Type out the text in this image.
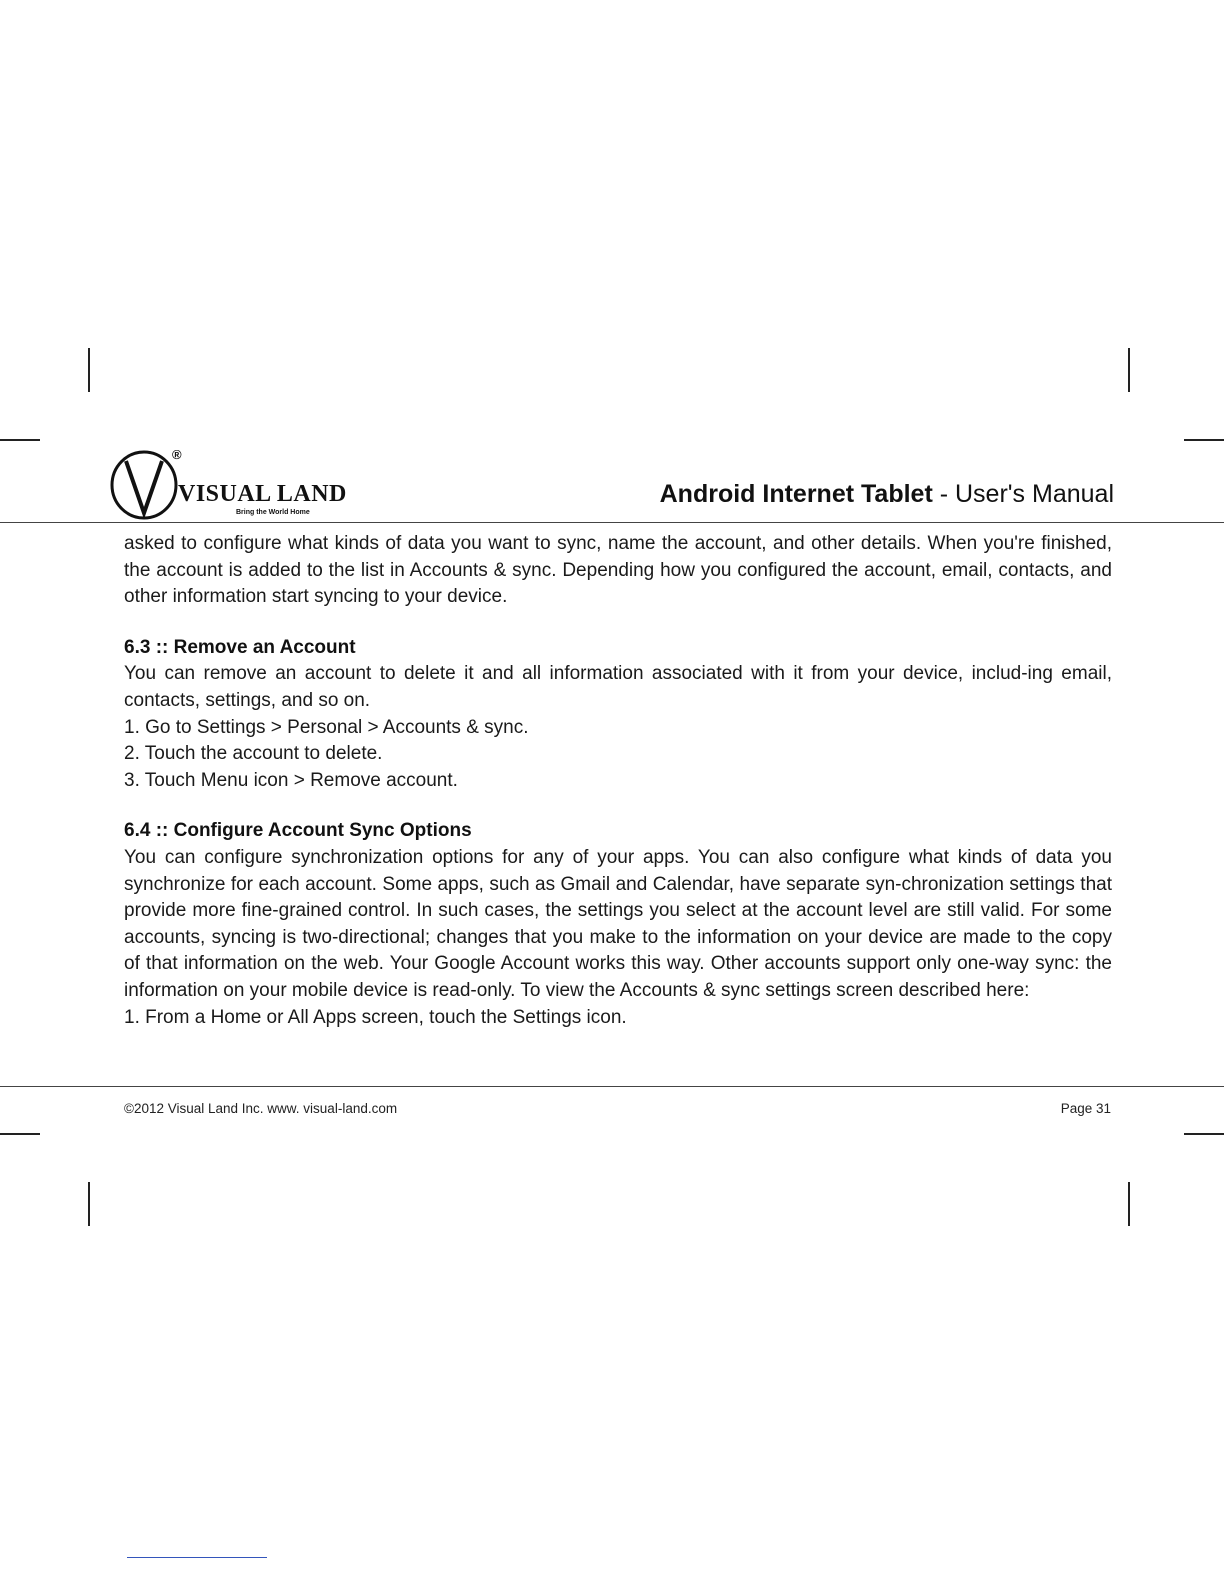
®
VISUAL LAND
Bring the World Home
Android Internet Tablet - User's Manual

asked to configure what kinds of data you want to sync, name the account, and other details. When you're finished, the account is added to the list in Accounts & sync. Depending how you configured the account, email, contacts, and other information start syncing to your device.

6.3 :: Remove an Account

You can remove an account to delete it and all information associated with it from your device, includ-ing email, contacts, settings, and so on.

1. Go to Settings > Personal > Accounts & sync.
2. Touch the account to delete.
3. Touch Menu icon > Remove account.
6.4 :: Configure Account Sync Options

You can configure synchronization options for any of your apps. You can also configure what kinds of data you synchronize for each account. Some apps, such as Gmail and Calendar, have separate syn-chronization settings that provide more fine-grained control. In such cases, the settings you select at the account level are still valid. For some accounts, syncing is two-directional; changes that you make to the information on your device are made to the copy of that information on the web. Your Google Account works this way. Other accounts support only one-way sync: the information on your mobile device is read-only. To view the Accounts & sync settings screen described here:

1. From a Home or All Apps screen, touch the Settings icon.
©2012 Visual Land Inc. www. visual-land.com	Page 31
